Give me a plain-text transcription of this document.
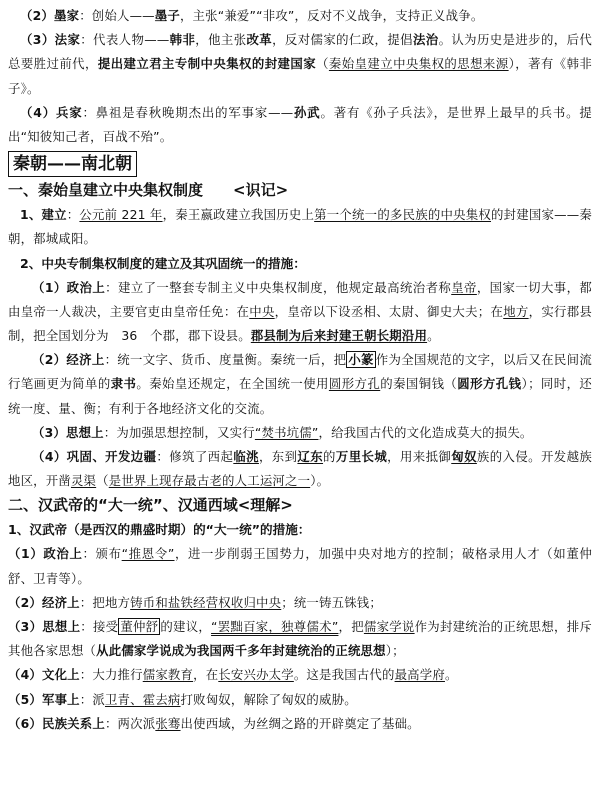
（2）墨家：创始人——墨子，主张“兼爱”“非攻”，反对不义战争，支持正义战争。

（3）法家：代表人物——韩非，他主张改革，反对儒家的仁政，提倡法治。认为历史是进步的，后代总要胜过前代，提出建立君主专制中央集权的封建国家（秦始皇建立中央集权的思想来源），著有《韩非子》。

（4）兵家：鼻祖是春秋晚期杰出的军事家——孙武。著有《孙子兵法》，是世界上最早的兵书。提出“知彼知己者，百战不殆”。

秦朝——南北朝

一、秦始皇建立中央集权制度　　 <识记>

1、建立：公元前 221 年，秦王嬴政建立我国历史上第一个统一的多民族的中央集权的封建国家——秦朝，都城咸阳。

2、中央专制集权制度的建立及其巩固统一的措施：

（1）政治上：建立了一整套专制主义中央集权制度，他规定最高统治者称皇帝，国家一切大事，都由皇帝一人裁决，主要官吏由皇帝任免：在中央，皇帝以下设丞相、太尉、御史大夫；在地方，实行郡县制，把全国划分为　36　个郡，郡下设县。郡县制为后来封建王朝长期沿用。

（2）经济上：统一文字、货币、度量衡。秦统一后，把 小篆 作为全国规范的文字，以后又在民间流行笔画更为简单的隶书。秦始皇还规定，在全国统一使用圆形方孔的秦国铜钱（圆形方孔钱）；同时，还统一度、量、衡；有利于各地经济文化的交流。

（3）思想上：为加强思想控制，又实行“焚书坑儒”，给我国古代的文化造成莫大的损失。

（4）巩固、开发边疆：修筑了西起临洮，东到辽东的万里长城，用来抵御匈奴族的入侵。开发越族地区，开凿灵渠（是世界上现存最古老的人工运河之一）。

二、汉武帝的“大一统”、汉通西域<理解>

1、汉武帝（是西汉的鼎盛时期）的“大一统”的措施：

（1）政治上：颁布“推恩令”，进一步削弱王国势力，加强中央对地方的控制；破格录用人才（如董仲舒、卫青等）。

（2）经济上：把地方铸币和盐铁经营权收归中央；统一铸五铢钱；

（3）思想上：接受 董仲舒 的建议，“罢黜百家，独尊儒术”，把儒家学说作为封建统治的正统思想，排斥其他各家思想（从此儒家学说成为我国两千多年封建统治的正统思想）；

（4）文化上：大力推行儒家教育，在长安兴办太学。这是我国古代的最高学府。

（5）军事上：派卫青、霍去病打败匈奴，解除了匈奴的威胁。

（6）民族关系上：两次派张骞出使西域，为丝绸之路的开辟奠定了基础。
